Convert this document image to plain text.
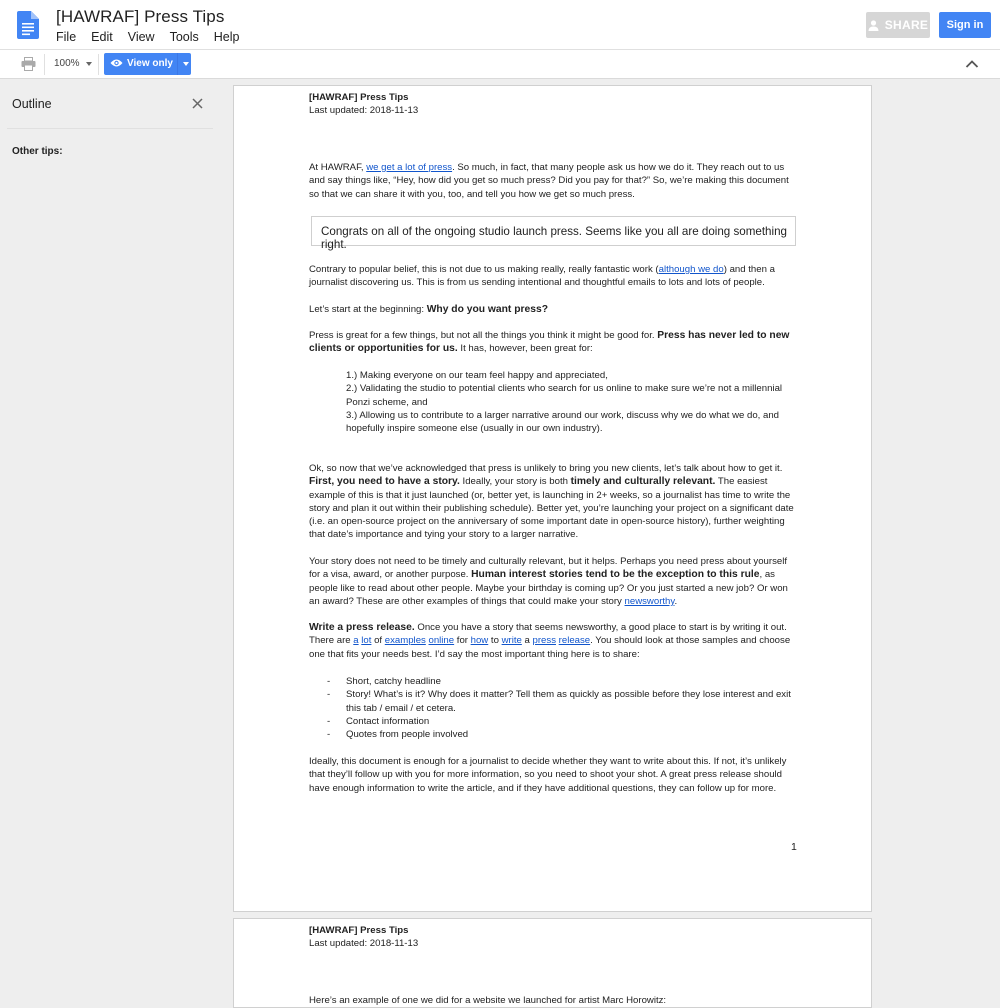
[HAWRAF] Press Tips
File	Edit	View	Tools	Help
SHARE	Sign in
100%	View only
Outline
Other tips:

[HAWRAF] Press Tips

Last updated: 2018-11-13

At HAWRAF, we get a lot of press. So much, in fact, that many people ask us how we do it. They reach out to us and say things like, “Hey, how did you get so much press? Did you pay for that?” So, we’re making this document so that we can share it with you, too, and tell you how we get so much press.

Congrats on all of the ongoing studio launch press. Seems like you all are doing something right.

Contrary to popular belief, this is not due to us making really, really fantastic work (although we do) and then a journalist discovering us. This is from us sending intentional and thoughtful emails to lots and lots of people.

Let’s start at the beginning: Why do you want press?

Press is great for a few things, but not all the things you think it might be good for. Press has never led to new clients or opportunities for us. It has, however, been great for:

1.) Making everyone on our team feel happy and appreciated,

2.) Validating the studio to potential clients who search for us online to make sure we’re not a millennial Ponzi scheme, and

3.) Allowing us to contribute to a larger narrative around our work, discuss why we do what we do, and hopefully inspire someone else (usually in our own industry).

Ok, so now that we’ve acknowledged that press is unlikely to bring you new clients, let’s talk about how to get it. First, you need to have a story. Ideally, your story is both timely and culturally relevant. The easiest example of this is that it just launched (or, better yet, is launching in 2+ weeks, so a journalist has time to write the story and plan it out within their publishing schedule). Better yet, you’re launching your project on a significant date (i.e. an open-source project on the anniversary of some important date in open-source history), further weighting that date’s importance and tying your story to a larger narrative.

Your story does not need to be timely and culturally relevant, but it helps. Perhaps you need press about yourself for a visa, award, or another purpose. Human interest stories tend to be the exception to this rule, as people like to read about other people. Maybe your birthday is coming up? Or you just started a new job? Or won an award? These are other examples of things that could make your story newsworthy.

Write a press release. Once you have a story that seems newsworthy, a good place to start is by writing it out. There are a lot of examples online for how to write a press release. You should look at those samples and choose one that fits your needs best. I’d say the most important thing here is to share:

-	Short, catchy headline
-	Story! What’s is it? Why does it matter? Tell them as quickly as possible before they lose interest and exit this tab / email / et cetera.
-	Contact information
-	Quotes from people involved

Ideally, this document is enough for a journalist to decide whether they want to write about this. If not, it’s unlikely that they’ll follow up with you for more information, so you need to shoot your shot. A great press release should have enough information to write the article, and if they have additional questions, they can follow up for more.

1

[HAWRAF] Press Tips

Last updated: 2018-11-13

Here’s an example of one we did for a website we launched for artist Marc Horowitz:
